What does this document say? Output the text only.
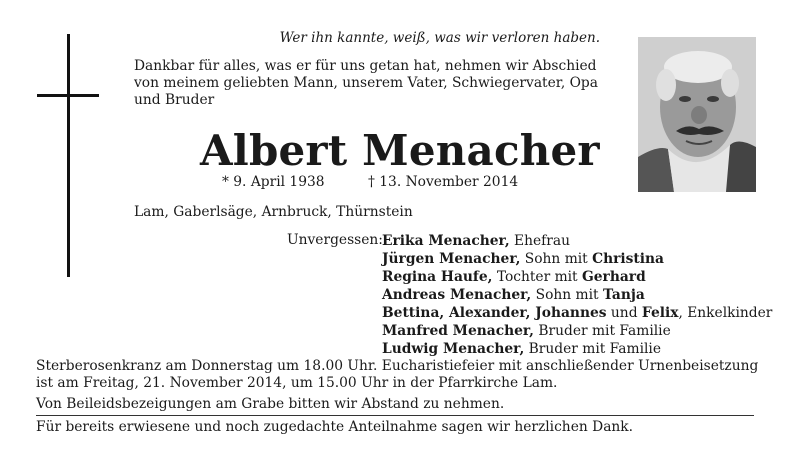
Wer ihn kannte, weiß, was wir verloren haben.
Dankbar für alles, was er für uns getan hat, nehmen wir Abschied
von meinem geliebten Mann, unserem Vater, Schwiegervater, Opa
und Bruder
Albert Menacher
* 9. April 1938	† 13. November 2014
Lam, Gaberlsäge, Arnbruck, Thürnstein
Unvergessen: Erika Menacher, Ehefrau
Jürgen Menacher, Sohn mit Christina
Regina Haufe, Tochter mit Gerhard
Andreas Menacher, Sohn mit Tanja
Bettina, Alexander, Johannes und Felix, Enkelkinder
Manfred Menacher, Bruder mit Familie
Ludwig Menacher, Bruder mit Familie
Sterberosenkranz am Donnerstag um 18.00 Uhr. Eucharistiefeier mit anschließender Urnenbeisetzung
ist am Freitag, 21. November 2014, um 15.00 Uhr in der Pfarrkirche Lam.
Von Beileidsbezeigungen am Grabe bitten wir Abstand zu nehmen.
Für bereits erwiesene und noch zugedachte Anteilnahme sagen wir herzlichen Dank.
